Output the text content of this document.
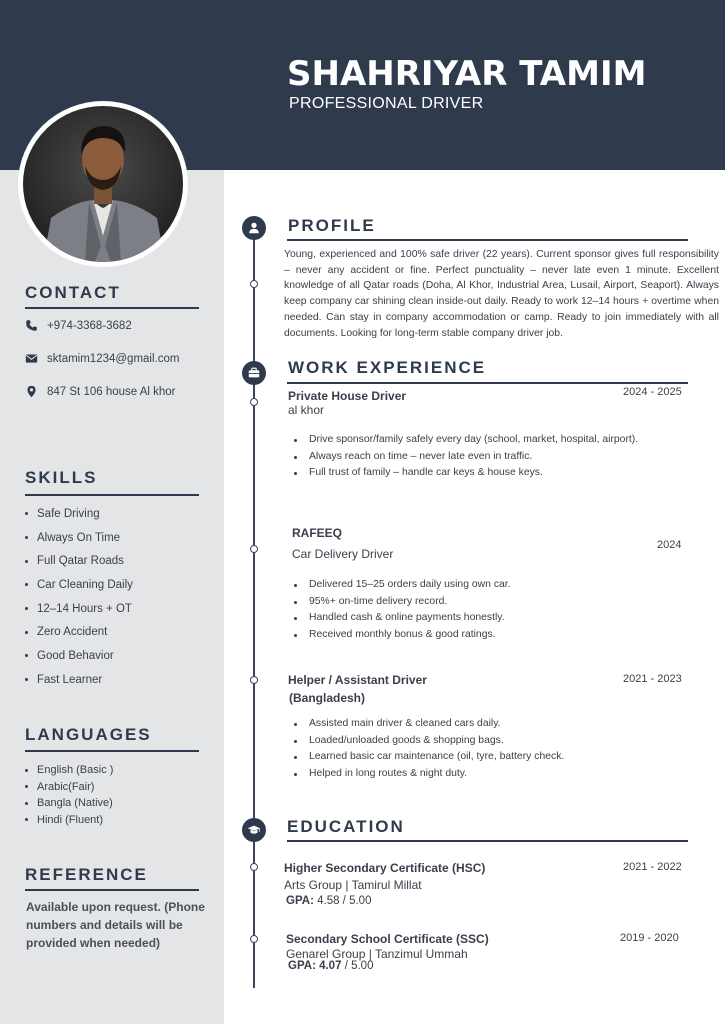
SHAHRIYAR TAMIM
PROFESSIONAL DRIVER
CONTACT
+974-3368-3682
sktamim1234@gmail.com
847 St 106 house Al khor
SKILLS
Safe Driving
Always On Time
Full Qatar Roads
Car Cleaning Daily
12–14 Hours + OT
Zero Accident
Good Behavior
Fast Learner
LANGUAGES
English (Basic )
Arabic(Fair)
Bangla (Native)
Hindi (Fluent)
REFERENCE
Available upon request. (Phone numbers and details will be provided when needed)
PROFILE
Young, experienced and 100% safe driver (22 years). Current sponsor gives full responsibility – never any accident or fine. Perfect punctuality – never late even 1 minute. Excellent knowledge of all Qatar roads (Doha, Al Khor, Industrial Area, Lusail, Airport, Seaport). Always keep company car shining clean inside-out daily. Ready to work 12–14 hours + overtime when needed. Can stay in company accommodation or camp. Ready to join immediately with all documents. Looking for long-term stable company driver job.
WORK EXPERIENCE
Private House Driver
al khor
2024 - 2025
Drive sponsor/family safely every day (school, market, hospital, airport).
Always reach on time – never late even in traffic.
Full trust of family – handle car keys & house keys.
RAFEEQ
Car Delivery Driver
2024
Delivered 15–25 orders daily using own car.
95%+ on-time delivery record.
Handled cash & online payments honestly.
Received monthly bonus & good ratings.
Helper / Assistant Driver
(Bangladesh)
2021 - 2023
Assisted main driver & cleaned cars daily.
Loaded/unloaded goods & shopping bags.
Learned basic car maintenance (oil, tyre, battery check.
Helped in long routes & night duty.
EDUCATION
Higher Secondary Certificate (HSC)
Arts Group | Tamirul Millat
GPA: 4.58 / 5.00
2021 - 2022
Secondary School Certificate (SSC)
Genarel Group | Tanzimul Ummah
GPA: 4.07 / 5.00
2019 - 2020
